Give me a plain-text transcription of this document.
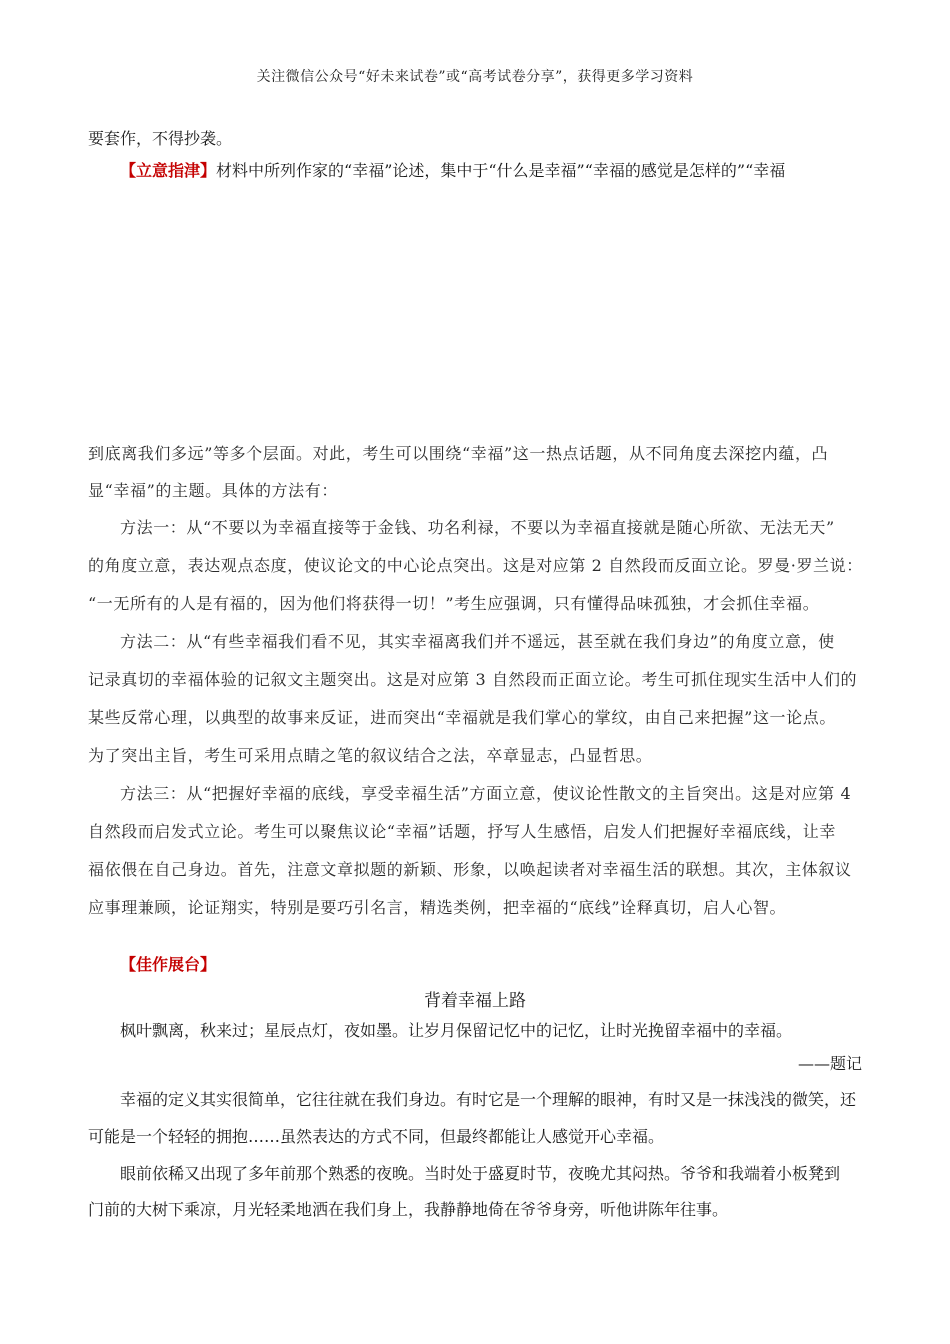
关注微信公众号“好未来试卷”或“高考试卷分享”，获得更多学习资料
要套作，不得抄袭。
【立意指津】材料中所列作家的“幸福”论述，集中于“什么是幸福”“幸福的感觉是怎样的”“幸福
到底离我们多远”等多个层面。对此，考生可以围绕“幸福”这一热点话题，从不同角度去深挖内蕴，凸
显“幸福”的主题。具体的方法有：
方法一：从“不要以为幸福直接等于金钱、功名利禄，不要以为幸福直接就是随心所欲、无法无天”
的角度立意，表达观点态度，使议论文的中心论点突出。这是对应第 2 自然段而反面立论。罗曼·罗兰说：
“一无所有的人是有福的，因为他们将获得一切！”考生应强调，只有懂得品味孤独，才会抓住幸福。
方法二：从“有些幸福我们看不见，其实幸福离我们并不遥远，甚至就在我们身边”的角度立意，使
记录真切的幸福体验的记叙文主题突出。这是对应第 3 自然段而正面立论。考生可抓住现实生活中人们的
某些反常心理，以典型的故事来反证，进而突出“幸福就是我们掌心的掌纹，由自己来把握”这一论点。
为了突出主旨，考生可采用点睛之笔的叙议结合之法，卒章显志，凸显哲思。
方法三：从“把握好幸福的底线，享受幸福生活”方面立意，使议论性散文的主旨突出。这是对应第 4
自然段而启发式立论。考生可以聚焦议论“幸福”话题，抒写人生感悟，启发人们把握好幸福底线，让幸
福依偎在自己身边。首先，注意文章拟题的新颖、形象，以唤起读者对幸福生活的联想。其次，主体叙议
应事理兼顾，论证翔实，特别是要巧引名言，精选类例，把幸福的“底线”诠释真切，启人心智。
【佳作展台】
背着幸福上路
枫叶飘离，秋来过；星辰点灯，夜如墨。让岁月保留记忆中的记忆，让时光挽留幸福中的幸福。
——题记
幸福的定义其实很简单，它往往就在我们身边。有时它是一个理解的眼神，有时又是一抹浅浅的微笑，还
可能是一个轻轻的拥抱……虽然表达的方式不同，但最终都能让人感觉开心幸福。
眼前依稀又出现了多年前那个熟悉的夜晚。当时处于盛夏时节，夜晚尤其闷热。爷爷和我端着小板凳到
门前的大树下乘凉，月光轻柔地洒在我们身上，我静静地倚在爷爷身旁，听他讲陈年往事。
